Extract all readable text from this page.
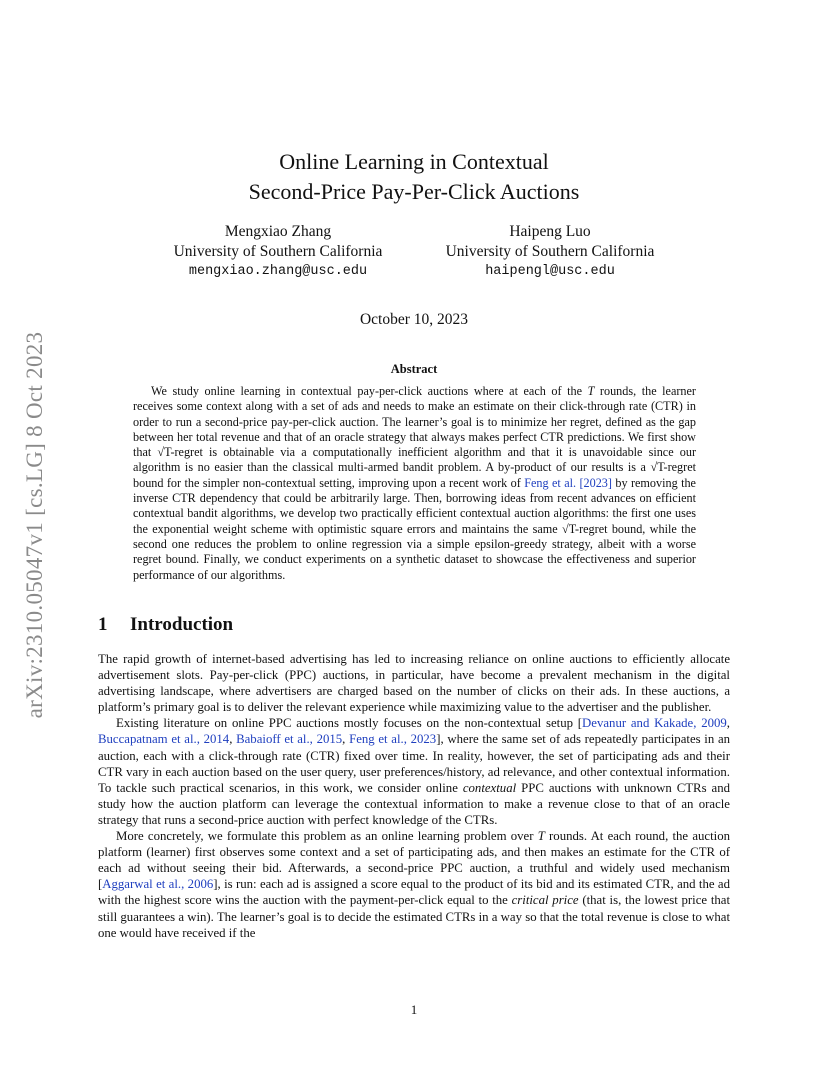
arXiv:2310.05047v1 [cs.LG] 8 Oct 2023
Online Learning in Contextual
Second-Price Pay-Per-Click Auctions
Mengxiao Zhang
University of Southern California
mengxiao.zhang@usc.edu
Haipeng Luo
University of Southern California
haipengl@usc.edu
October 10, 2023
Abstract

We study online learning in contextual pay-per-click auctions where at each of the T rounds, the learner receives some context along with a set of ads and needs to make an estimate on their click-through rate (CTR) in order to run a second-price pay-per-click auction. The learner’s goal is to minimize her regret, defined as the gap between her total revenue and that of an oracle strategy that always makes perfect CTR predictions. We first show that √T-regret is obtainable via a computationally inefficient algorithm and that it is unavoidable since our algorithm is no easier than the classical multi-armed bandit problem. A by-product of our results is a √T-regret bound for the simpler non-contextual setting, improving upon a recent work of Feng et al. [2023] by removing the inverse CTR dependency that could be arbitrarily large. Then, borrowing ideas from recent advances on efficient contextual bandit algorithms, we develop two practically efficient contextual auction algorithms: the first one uses the exponential weight scheme with optimistic square errors and maintains the same √T-regret bound, while the second one reduces the problem to online regression via a simple epsilon-greedy strategy, albeit with a worse regret bound. Finally, we conduct experiments on a synthetic dataset to showcase the effectiveness and superior performance of our algorithms.

1 Introduction

The rapid growth of internet-based advertising has led to increasing reliance on online auctions to efficiently allocate advertisement slots. Pay-per-click (PPC) auctions, in particular, have become a prevalent mechanism in the digital advertising landscape, where advertisers are charged based on the number of clicks on their ads. In these auctions, a platform’s primary goal is to deliver the relevant experience while maximizing value to the advertiser and the publisher.

Existing literature on online PPC auctions mostly focuses on the non-contextual setup [Devanur and Kakade, 2009, Buccapatnam et al., 2014, Babaioff et al., 2015, Feng et al., 2023], where the same set of ads repeatedly participates in an auction, each with a click-through rate (CTR) fixed over time. In reality, however, the set of participating ads and their CTR vary in each auction based on the user query, user preferences/history, ad relevance, and other contextual information. To tackle such practical scenarios, in this work, we consider online contextual PPC auctions with unknown CTRs and study how the auction platform can leverage the contextual information to make a revenue close to that of an oracle strategy that runs a second-price auction with perfect knowledge of the CTRs.

More concretely, we formulate this problem as an online learning problem over T rounds. At each round, the auction platform (learner) first observes some context and a set of participating ads, and then makes an estimate for the CTR of each ad without seeing their bid. Afterwards, a second-price PPC auction, a truthful and widely used mechanism [Aggarwal et al., 2006], is run: each ad is assigned a score equal to the product of its bid and its estimated CTR, and the ad with the highest score wins the auction with the payment-per-click equal to the critical price (that is, the lowest price that still guarantees a win). The learner’s goal is to decide the estimated CTRs in a way so that the total revenue is close to what one would have received if the

1
